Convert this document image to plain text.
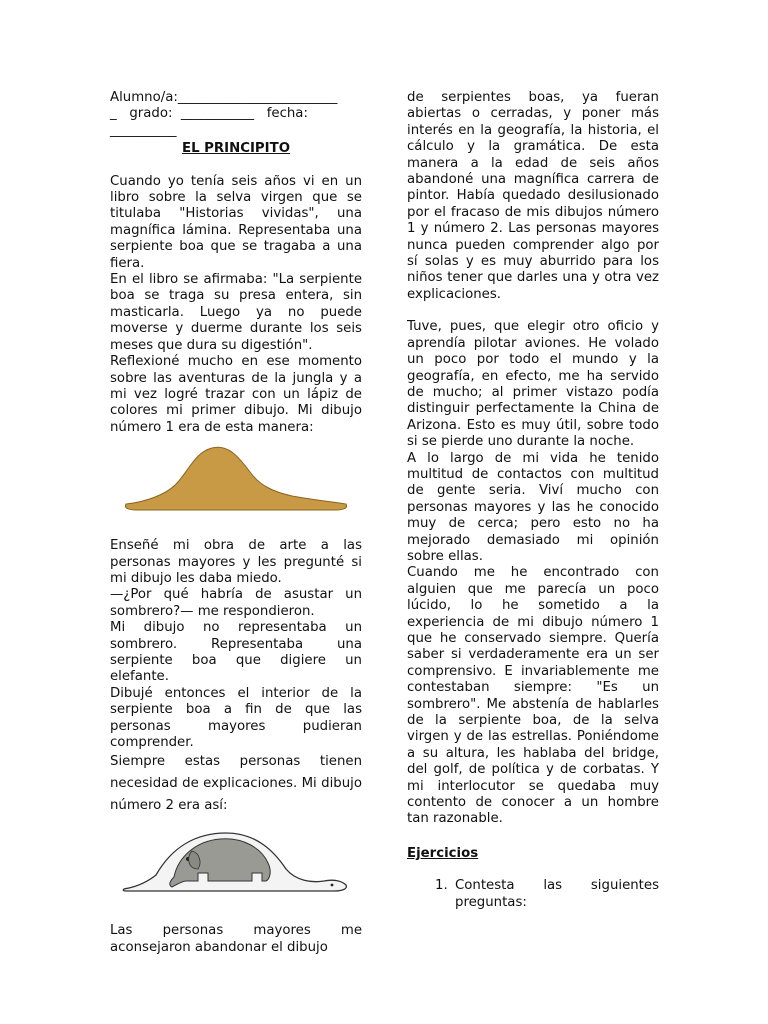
Alumno/a:________________________

_   grado:  ___________   fecha:

__________

EL PRINCIPITO

Cuando yo tenía seis años vi en un libro sobre la selva virgen que se titulaba "Historias vividas", una magnífica lámina. Representaba una serpiente boa que se tragaba a una fiera.

En el libro se afirmaba: "La serpiente boa se traga su presa entera, sin masticarla. Luego ya no puede moverse y duerme durante los seis meses que dura su digestión".

Reflexioné mucho en ese momento sobre las aventuras de la jungla y a mi vez logré trazar con un lápiz de colores mi primer dibujo. Mi dibujo número 1 era de esta manera:

Enseñé mi obra de arte a las personas mayores y les pregunté si mi dibujo les daba miedo.

—¿Por qué habría de asustar un sombrero?— me respondieron.

Mi dibujo no representaba un sombrero. Representaba una serpiente boa que digiere un elefante.

Dibujé entonces el interior de la serpiente boa a fin de que las personas mayores pudieran comprender.

Siempre estas personas tienen necesidad de explicaciones. Mi dibujo número 2 era así:

Las personas mayores me aconsejaron abandonar el dibujo

de serpientes boas, ya fueran abiertas o cerradas, y poner más interés en la geografía, la historia, el cálculo y la gramática. De esta manera a la edad de seis años abandoné una magnífica carrera de pintor. Había quedado desilusionado por el fracaso de mis dibujos número 1 y número 2. Las personas mayores nunca pueden comprender algo por sí solas y es muy aburrido para los niños tener que darles una y otra vez explicaciones.

Tuve, pues, que elegir otro oficio y aprendía pilotar aviones. He volado un poco por todo el mundo y la geografía, en efecto, me ha servido de mucho; al primer vistazo podía distinguir perfectamente la China de Arizona. Esto es muy útil, sobre todo si se pierde uno durante la noche.

A lo largo de mi vida he tenido multitud de contactos con multitud de gente seria. Viví mucho con personas mayores y las he conocido muy de cerca; pero esto no ha mejorado demasiado mi opinión sobre ellas.

Cuando me he encontrado con alguien que me parecía un poco lúcido, lo he sometido a la experiencia de mi dibujo número 1 que he conservado siempre. Quería saber si verdaderamente era un ser comprensivo. E invariablemente me contestaban siempre: "Es un sombrero". Me abstenía de hablarles de la serpiente boa, de la selva virgen y de las estrellas. Poniéndome a su altura, les hablaba del bridge, del golf, de política y de corbatas. Y mi interlocutor se quedaba muy contento de conocer a un hombre tan razonable.

Ejercicios

1. Contesta las siguientes preguntas:
